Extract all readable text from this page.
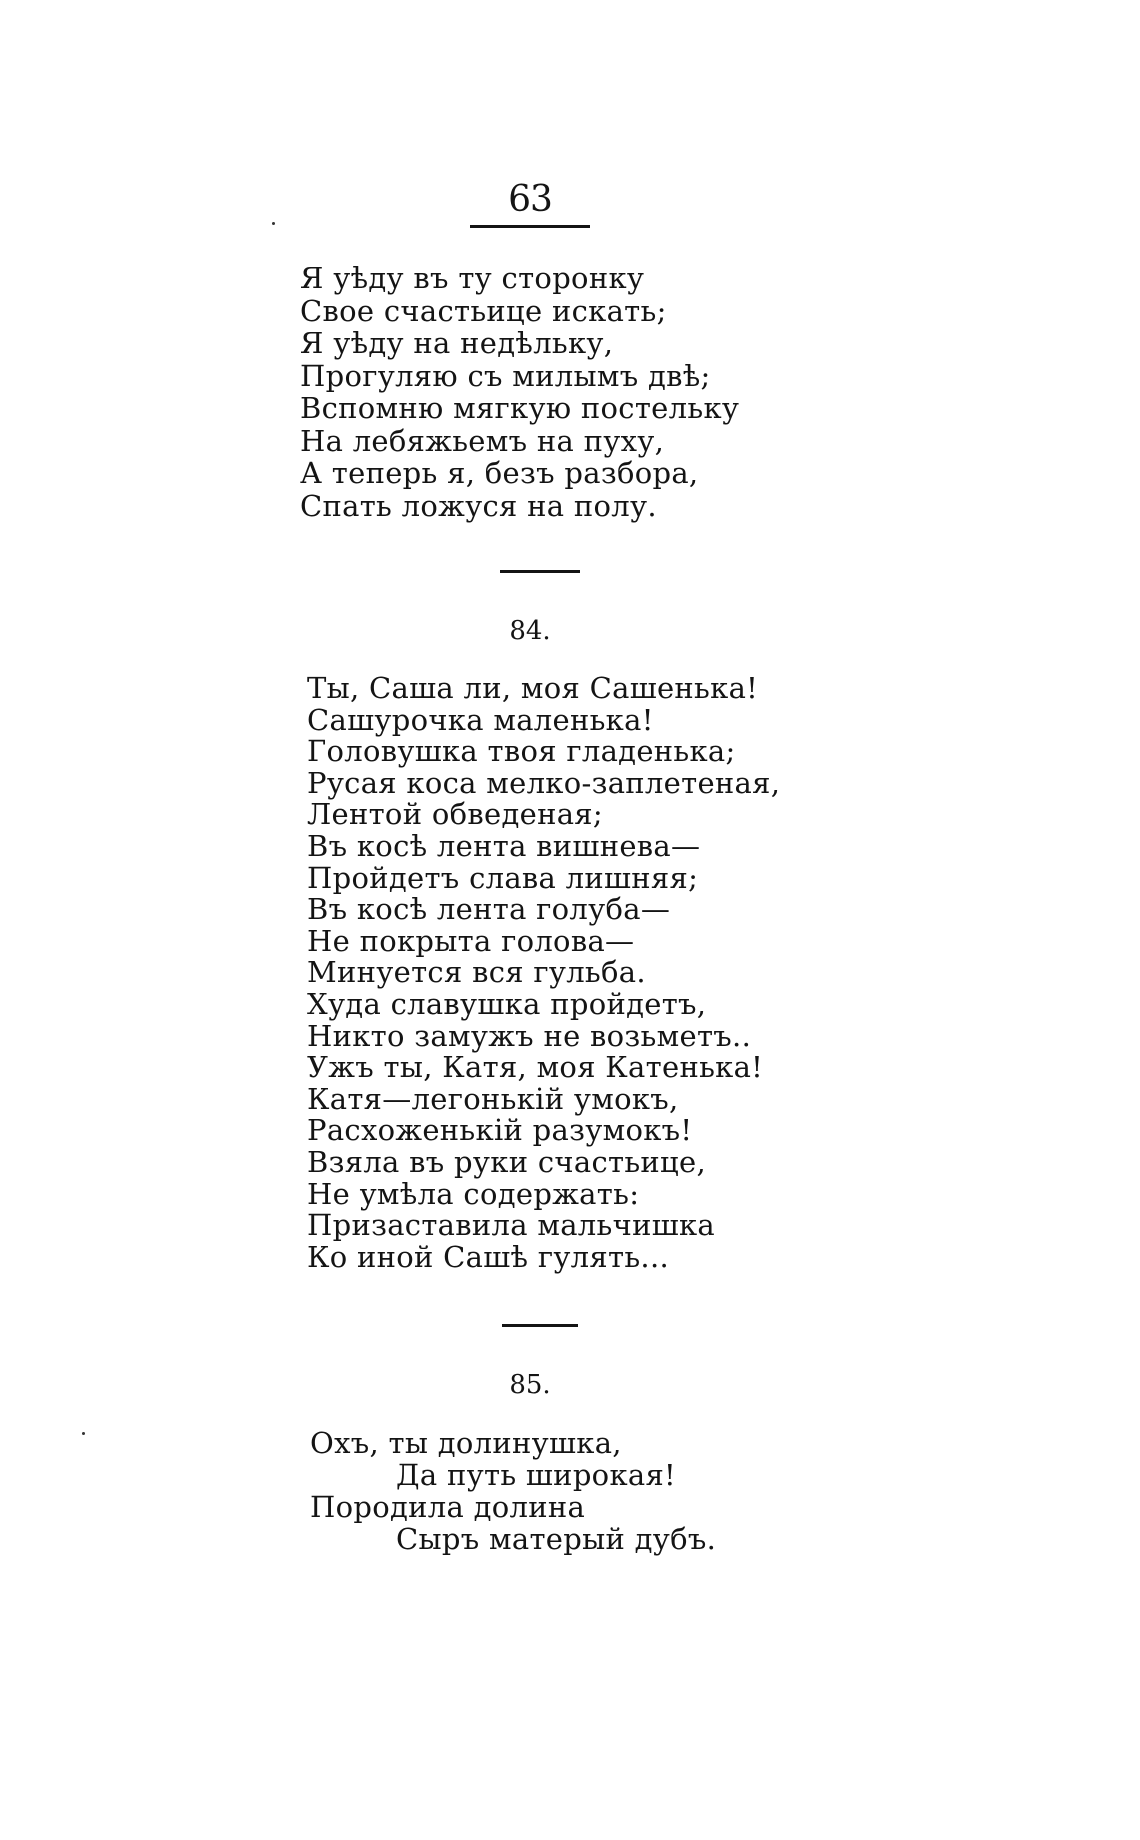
63
Я уѣду въ ту сторонку
Свое счастьице искать;
Я уѣду на недѣльку,
Прогуляю съ милымъ двѣ;
Вспомню мягкую постельку
На лебяжьемъ на пуху,
А теперь я, безъ разбора,
Спать ложуся на полу.
84.
Ты, Саша ли, моя Сашенька!
Сашурочка маленька!
Головушка твоя гладенька;
Русая коса мелко-заплетеная,
Лентой обведеная;
Въ косѣ лента вишнева—
Пройдетъ слава лишняя;
Въ косѣ лента голуба—
Не покрыта голова—
Минуется вся гульба.
Худа славушка пройдетъ,
Никто замужъ не возьметъ..
Ужъ ты, Катя, моя Катенька!
Катя—легонькій умокъ,
Расхоженькій разумокъ!
Взяла въ руки счастьице,
Не умѣла содержать:
Призаставила мальчишка
Ко иной Сашѣ гулять...
85.
Охъ, ты долинушка,
Да путь широкая!
Породила долина
Сыръ матерый дубъ.
